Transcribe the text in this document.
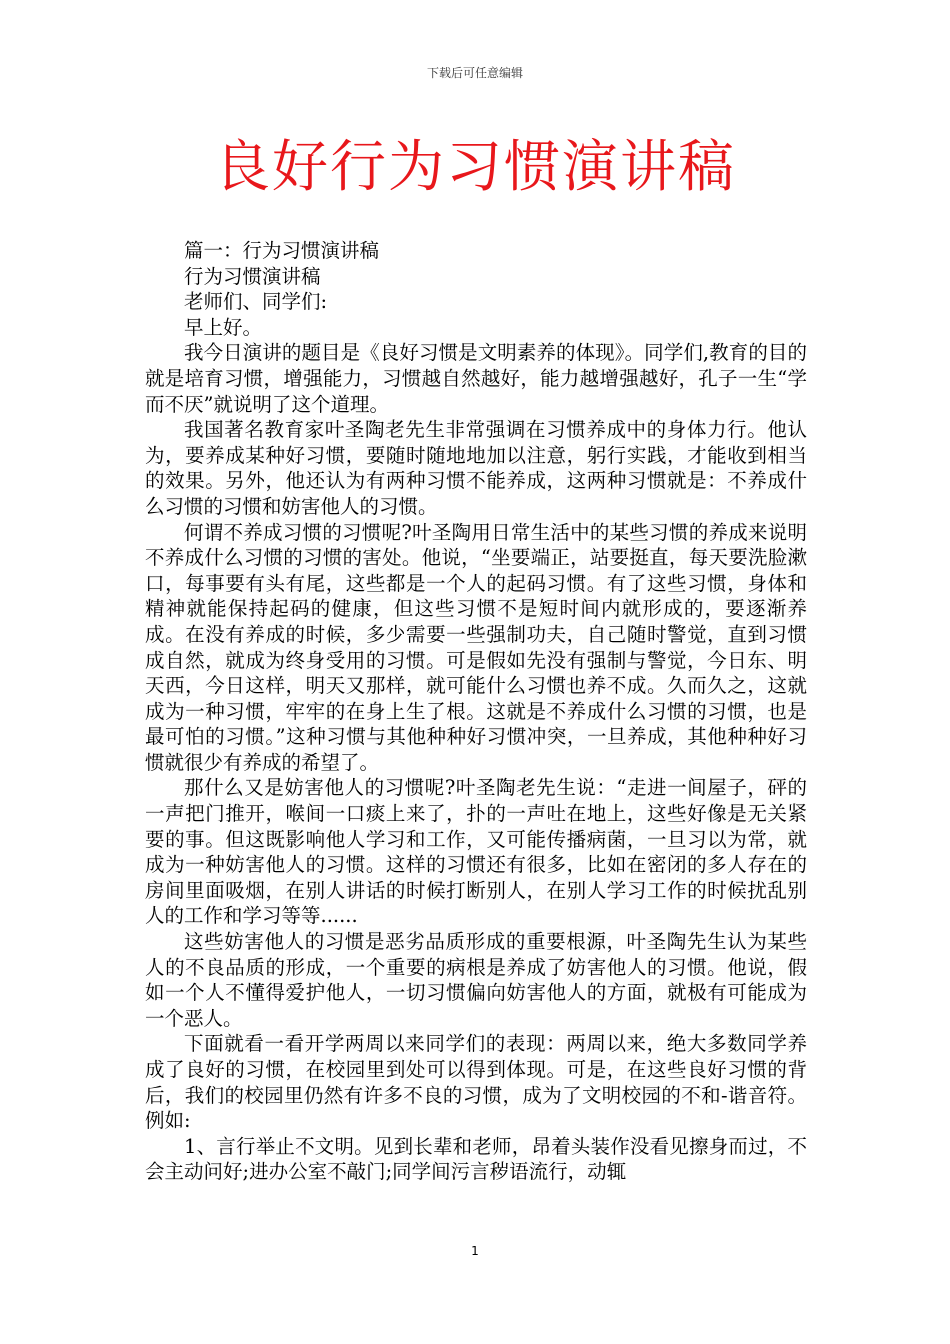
下载后可任意编辑
良好行为习惯演讲稿

篇一：行为习惯演讲稿

行为习惯演讲稿

老师们、同学们:

早上好。

我今日演讲的题目是《良好习惯是文明素养的体现》。同学们,教育的目的就是培育习惯，增强能力，习惯越自然越好，能力越增强越好，孔子一生“学而不厌”就说明了这个道理。

我国著名教育家叶圣陶老先生非常强调在习惯养成中的身体力行。他认为，要养成某种好习惯，要随时随地地加以注意，躬行实践，才能收到相当的效果。另外，他还认为有两种习惯不能养成，这两种习惯就是：不养成什么习惯的习惯和妨害他人的习惯。

何谓不养成习惯的习惯呢?叶圣陶用日常生活中的某些习惯的养成来说明不养成什么习惯的习惯的害处。他说，“坐要端正，站要挺直，每天要洗脸漱口，每事要有头有尾，这些都是一个人的起码习惯。有了这些习惯，身体和精神就能保持起码的健康，但这些习惯不是短时间内就形成的，要逐渐养成。在没有养成的时候，多少需要一些强制功夫，自己随时警觉，直到习惯成自然，就成为终身受用的习惯。可是假如先没有强制与警觉，今日东、明天西，今日这样，明天又那样，就可能什么习惯也养不成。久而久之，这就成为一种习惯，牢牢的在身上生了根。这就是不养成什么习惯的习惯，也是最可怕的习惯。”这种习惯与其他种种好习惯冲突，一旦养成，其他种种好习惯就很少有养成的希望了。

那什么又是妨害他人的习惯呢?叶圣陶老先生说：“走进一间屋子，砰的一声把门推开，喉间一口痰上来了，扑的一声吐在地上，这些好像是无关紧要的事。但这既影响他人学习和工作，又可能传播病菌，一旦习以为常，就成为一种妨害他人的习惯。这样的习惯还有很多，比如在密闭的多人存在的房间里面吸烟，在别人讲话的时候打断别人，在别人学习工作的时候扰乱别人的工作和学习等等......

这些妨害他人的习惯是恶劣品质形成的重要根源，叶圣陶先生认为某些人的不良品质的形成，一个重要的病根是养成了妨害他人的习惯。他说，假如一个人不懂得爱护他人，一切习惯偏向妨害他人的方面，就极有可能成为一个恶人。

下面就看一看开学两周以来同学们的表现：两周以来，绝大多数同学养成了良好的习惯，在校园里到处可以得到体现。可是，在这些良好习惯的背后，我们的校园里仍然有许多不良的习惯，成为了文明校园的不和-谐音符。例如:

1、言行举止不文明。见到长辈和老师，昂着头装作没看见擦身而过，不会主动问好;进办公室不敲门;同学间污言秽语流行，动辄

1
